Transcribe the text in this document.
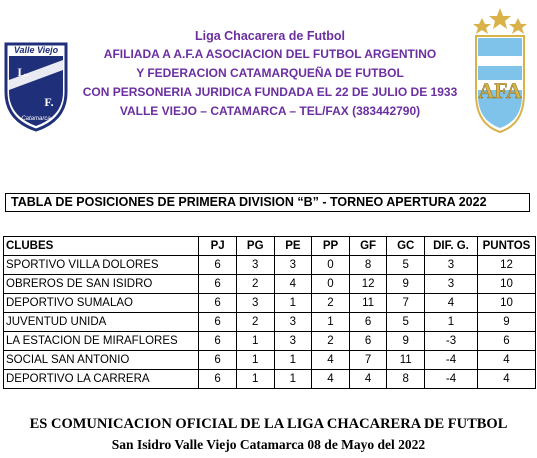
Valle Viejo
L.
Ch.
F.
Catamarca
AFA
Liga Chacarera de Futbol
AFILIADA A A.F.A ASOCIACION DEL FUTBOL ARGENTINO
Y FEDERACION CATAMARQUEÑA DE FUTBOL
CON PERSONERIA JURIDICA FUNDADA EL 22 DE JULIO DE 1933
VALLE VIEJO – CATAMARCA – TEL/FAX (383442790)
TABLA DE POSICIONES DE PRIMERA DIVISION “B” - TORNEO APERTURA 2022
CLUBES	PJ	PG	PE	PP	GF	GC	DIF. G.	PUNTOS
SPORTIVO VILLA DOLORES	6	3	3	0	8	5	3	12
OBREROS DE SAN ISIDRO	6	2	4	0	12	9	3	10
DEPORTIVO SUMALAO	6	3	1	2	11	7	4	10
JUVENTUD UNIDA	6	2	3	1	6	5	1	9
LA ESTACION DE MIRAFLORES	6	1	3	2	6	9	-3	6
SOCIAL SAN ANTONIO	6	1	1	4	7	11	-4	4
DEPORTIVO LA CARRERA	6	1	1	4	4	8	-4	4
ES COMUNICACION OFICIAL DE LA LIGA CHACARERA DE FUTBOL
San Isidro Valle Viejo Catamarca 08 de Mayo del 2022
